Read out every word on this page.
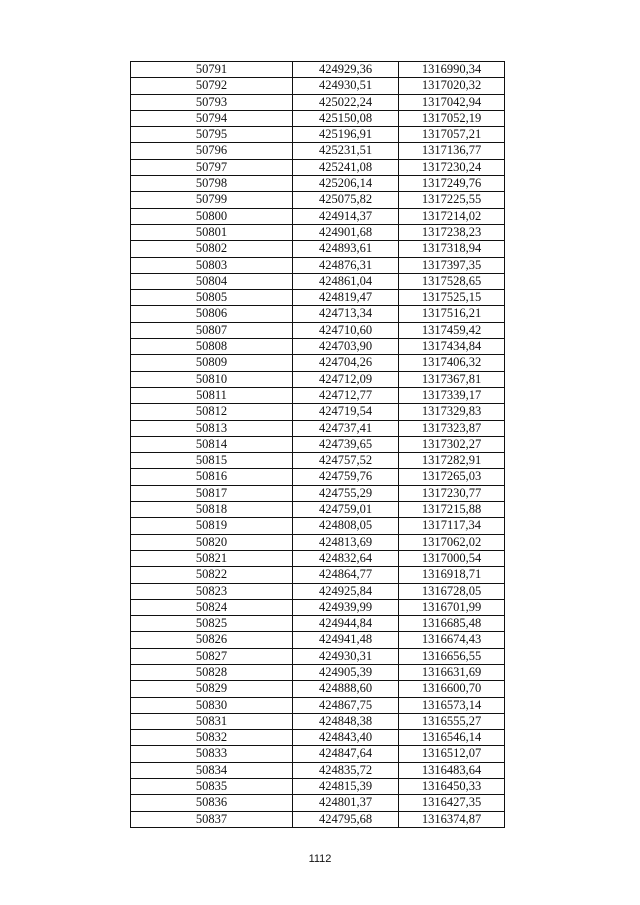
50791	424929,36	1316990,34
50792	424930,51	1317020,32
50793	425022,24	1317042,94
50794	425150,08	1317052,19
50795	425196,91	1317057,21
50796	425231,51	1317136,77
50797	425241,08	1317230,24
50798	425206,14	1317249,76
50799	425075,82	1317225,55
50800	424914,37	1317214,02
50801	424901,68	1317238,23
50802	424893,61	1317318,94
50803	424876,31	1317397,35
50804	424861,04	1317528,65
50805	424819,47	1317525,15
50806	424713,34	1317516,21
50807	424710,60	1317459,42
50808	424703,90	1317434,84
50809	424704,26	1317406,32
50810	424712,09	1317367,81
50811	424712,77	1317339,17
50812	424719,54	1317329,83
50813	424737,41	1317323,87
50814	424739,65	1317302,27
50815	424757,52	1317282,91
50816	424759,76	1317265,03
50817	424755,29	1317230,77
50818	424759,01	1317215,88
50819	424808,05	1317117,34
50820	424813,69	1317062,02
50821	424832,64	1317000,54
50822	424864,77	1316918,71
50823	424925,84	1316728,05
50824	424939,99	1316701,99
50825	424944,84	1316685,48
50826	424941,48	1316674,43
50827	424930,31	1316656,55
50828	424905,39	1316631,69
50829	424888,60	1316600,70
50830	424867,75	1316573,14
50831	424848,38	1316555,27
50832	424843,40	1316546,14
50833	424847,64	1316512,07
50834	424835,72	1316483,64
50835	424815,39	1316450,33
50836	424801,37	1316427,35
50837	424795,68	1316374,87
1112
